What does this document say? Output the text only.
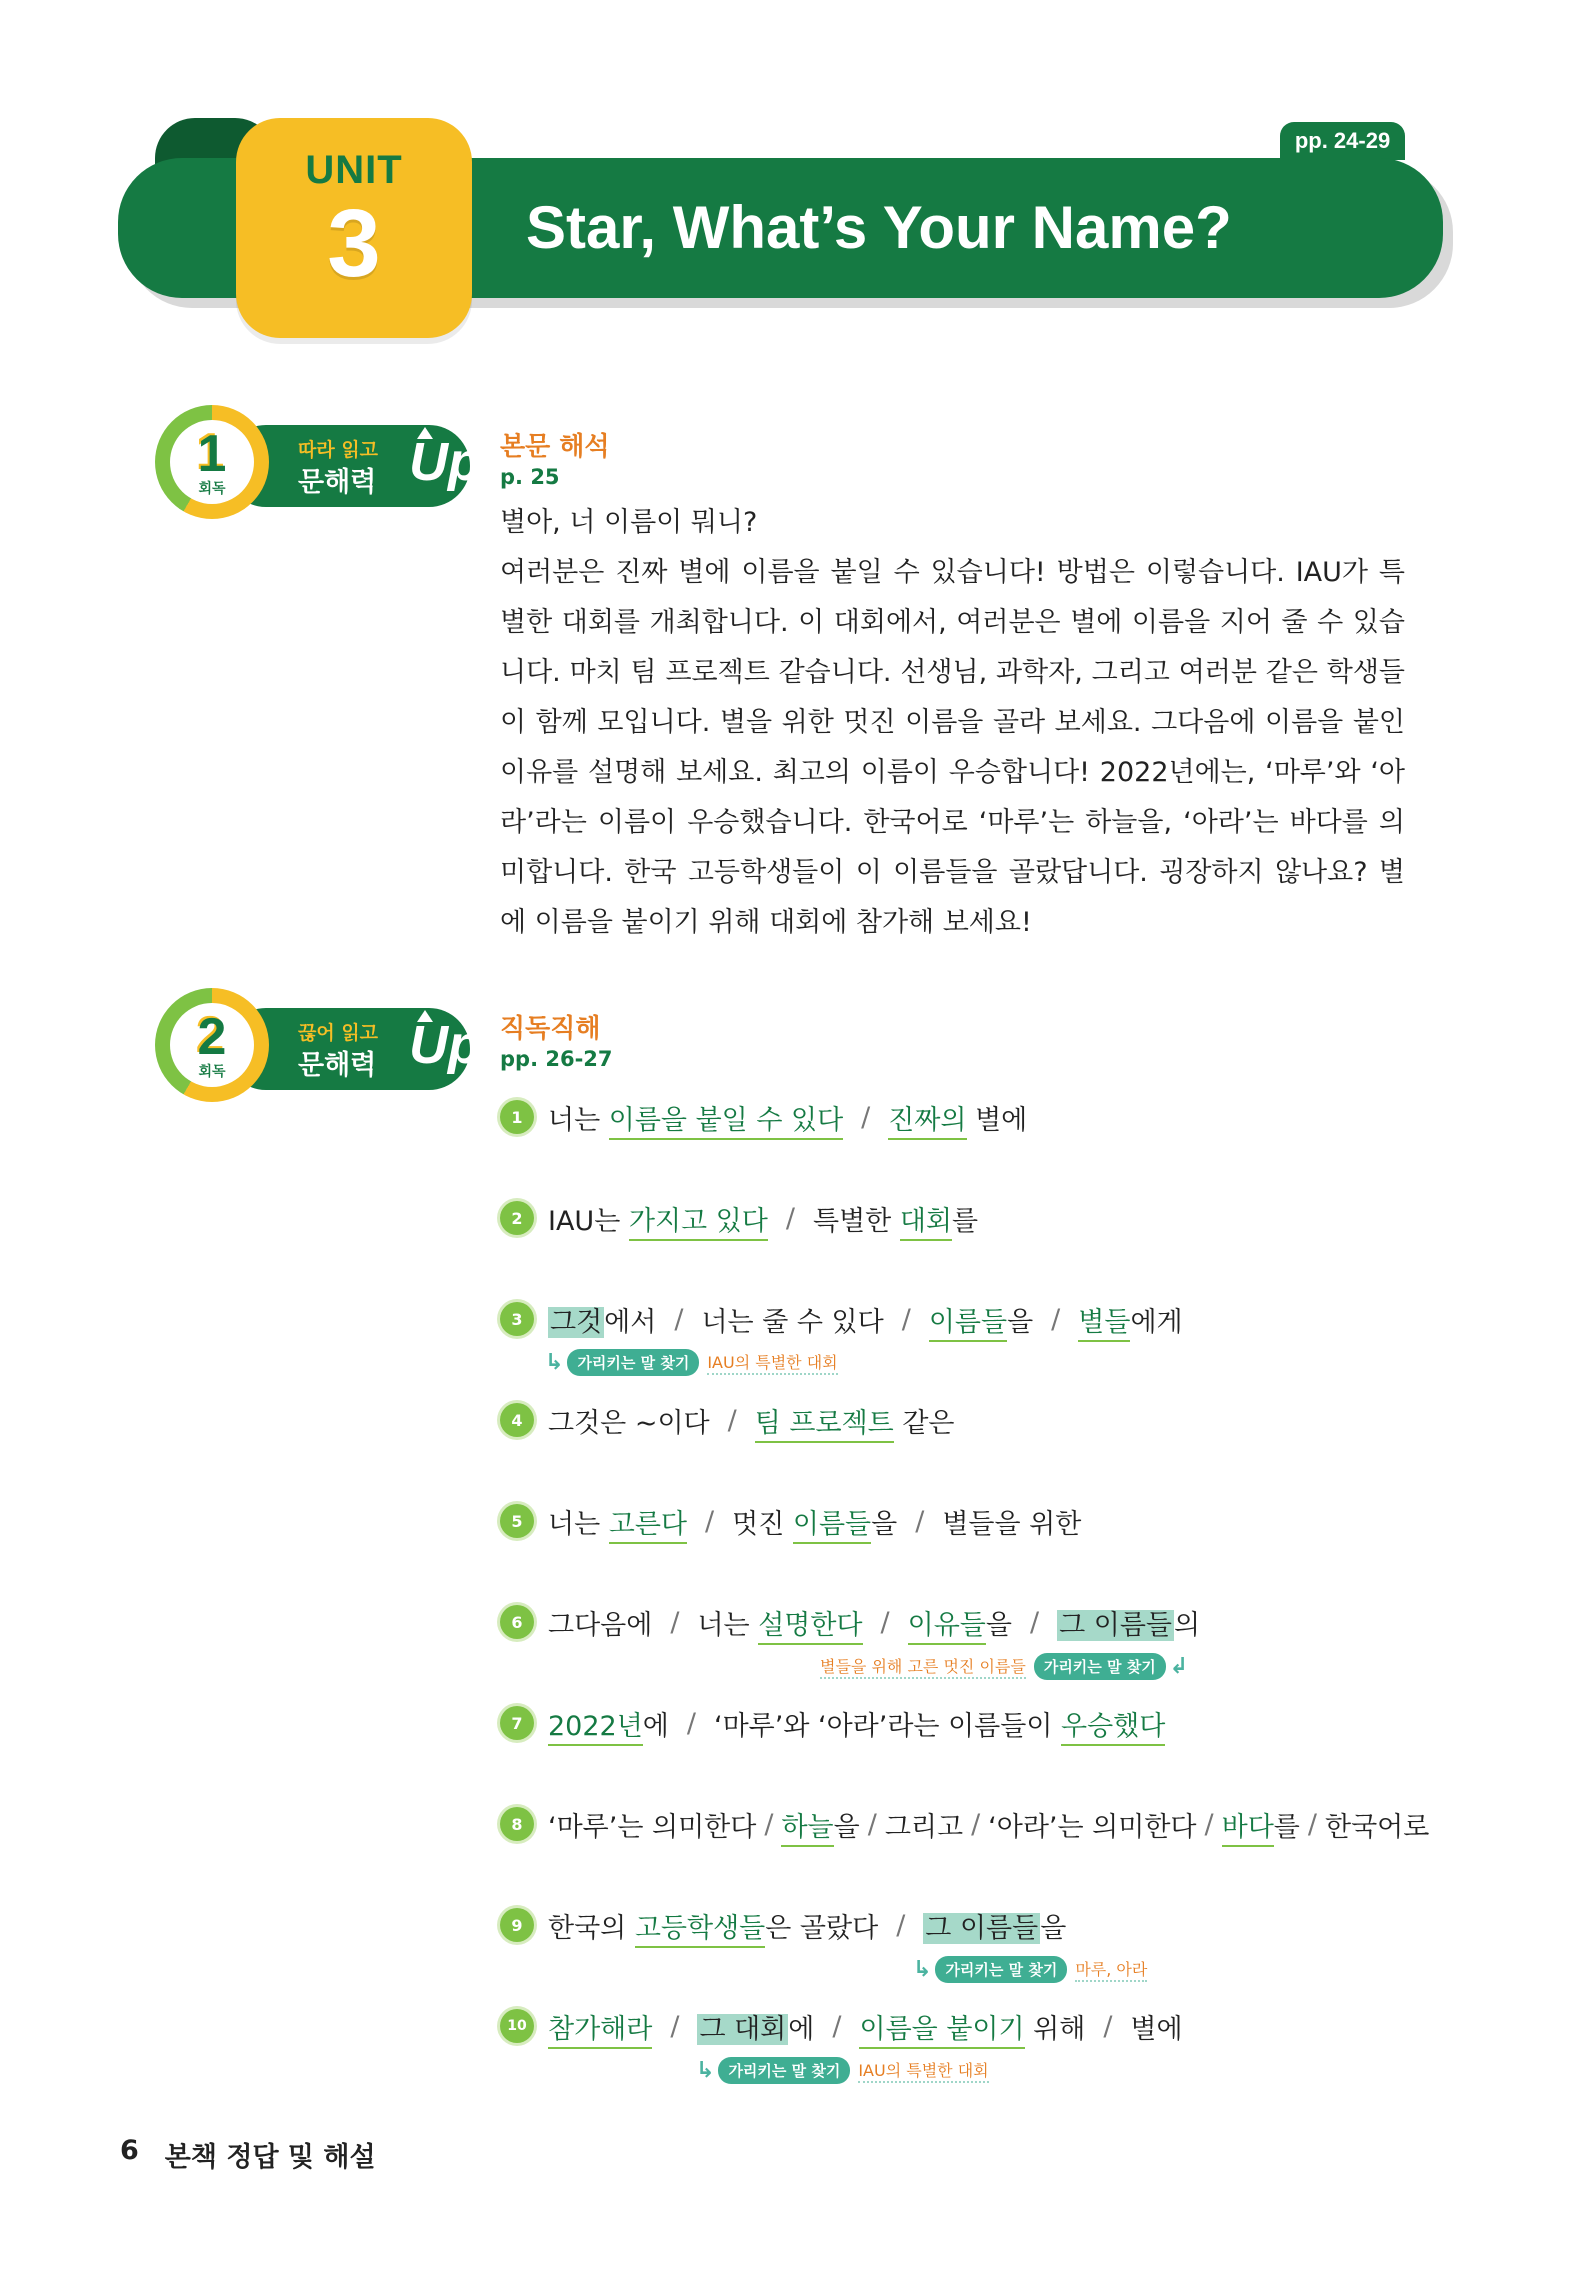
pp. 24-29
UNIT
3 Star, What’s Your Name?
1
회독
따라 읽고
문해력 Up 본문 해석
p. 25
별아, 너 이름이 뭐니?
여러분은 진짜 별에 이름을 붙일 수 있습니다! 방법은 이렇습니다. IAU가 특별한 대회를 개최합니다. 이 대회에서, 여러분은 별에 이름을 지어 줄 수 있습니다. 마치 팀 프로젝트 같습니다. 선생님, 과학자, 그리고 여러분 같은 학생들이 함께 모입니다. 별을 위한 멋진 이름을 골라 보세요. 그다음에 이름을 붙인 이유를 설명해 보세요. 최고의 이름이 우승합니다! 2022년에는, ‘마루’와 ‘아라’라는 이름이 우승했습니다. 한국어로 ‘마루’는 하늘을, ‘아라’는 바다를 의미합니다. 한국 고등학생들이 이 이름들을 골랐답니다. 굉장하지 않나요? 별에 이름을 붙이기 위해 대회에 참가해 보세요!
2
회독
끊어 읽고
문해력 Up 직독직해
pp. 26-27
1 너는 이름을 붙일 수 있다 / 진짜의 별에
2 IAU는 가지고 있다 / 특별한 대회를
3	그것에서 / 너는 줄 수 있다 / 이름들을 / 별들에게
↳ 가리키는 말 찾기	IAU의 특별한 대회
4 그것은 ~이다 / 팀 프로젝트 같은
5 너는 고른다 / 멋진 이름들을 / 별들을 위한
6 그다음에 / 너는 설명한다 / 이유들을 / 그 이름들의
별들을 위해 고른 멋진 이름들	가리키는 말 찾기 ↲
7 2022년에 / ‘마루’와 ‘아라’라는 이름들이 우승했다
8 ‘마루’는 의미한다 / 하늘을 / 그리고 / ‘아라’는 의미한다 / 바다를 / 한국어로
9 한국의 고등학생들은 골랐다 / 그 이름들을
↳ 가리키는 말 찾기	마루, 아라
10 참가해라 / 그 대회에 / 이름을 붙이기 위해 / 별에
↳ 가리키는 말 찾기	IAU의 특별한 대회
6 본책 정답 및 해설
